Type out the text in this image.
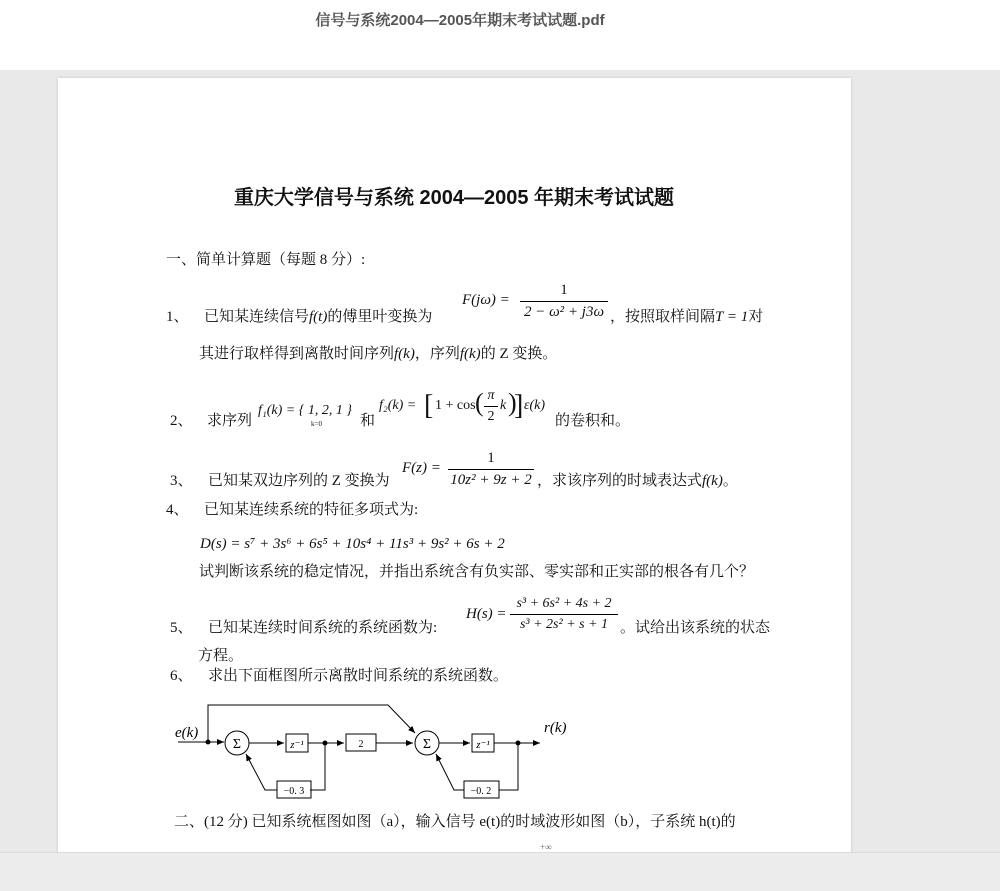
信号与系统2004—2005年期末考试试题.pdf
重庆大学信号与系统 2004—2005 年期末考试试题
一、简单计算题（每题 8 分）:
1、 已知某连续信号f(t)的傅里叶变换为
$F(j\omega) = \frac{1}{\text{2 − ω² + j3ω}}$ ，按照取样间隔T = 1对
其进行取样得到离散时间序列f(k)，序列f(k)的 Z 变换。
2、 求序列
f₁(k) = { 1, 2, 1 }
k=0	和
f₂(k) = [ 1 + cos ( $\frac{\pi}{2}$ k )
] ε(k)
的卷积和。
3、 已知某双边序列的 Z 变换为
$F(z) = \frac{1}{\text{10z² + 9z + 2}}$ ，求该序列的时域表达式f(k)。
4、 已知某连续系统的特征多项式为:
D(s) = s⁷ + 3s⁶ + 6s⁵ + 10s⁴ + 11s³ + 9s² + 6s + 2
试判断该系统的稳定情况，并指出系统含有负实部、零实部和正实部的根各有几个？
5、 已知某连续时间系统的系统函数为:
$H(s) = \frac{\text{s³ + 6s² + 4s + 2}}{\text{s³ + 2s² + s + 1}}$ 。试给出该系统的状态
方程。
6、 求出下面框图所示离散时间系统的系统函数。
e(k)	r(k)
Σ	Σ
z⁻¹	z⁻¹
2
−0. 3	−0. 2
二、(12 分) 已知系统框图如图（a），输入信号 e(t)的时域波形如图（b），子系统 h(t)的
+∞
